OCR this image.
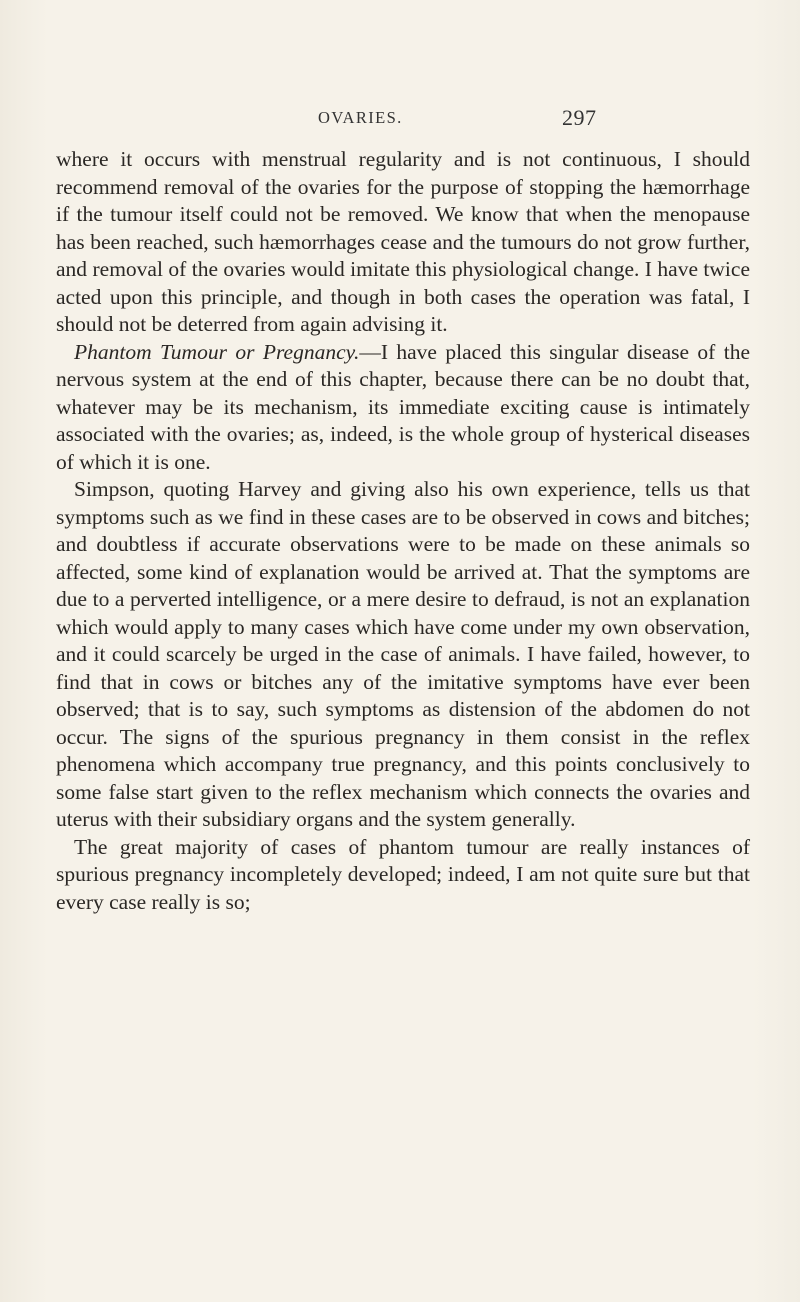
OVARIES.	297

where it occurs with menstrual regularity and is not continuous, I should recommend removal of the ovaries for the purpose of stopping the hæmorrhage if the tumour itself could not be removed. We know that when the menopause has been reached, such hæmorrhages cease and the tumours do not grow further, and removal of the ovaries would imitate this physiological change. I have twice acted upon this principle, and though in both cases the operation was fatal, I should not be deterred from again advising it.

Phantom Tumour or Pregnancy.—I have placed this singular disease of the nervous system at the end of this chapter, because there can be no doubt that, whatever may be its mechanism, its immediate exciting cause is intimately associated with the ovaries; as, indeed, is the whole group of hysterical diseases of which it is one.

Simpson, quoting Harvey and giving also his own experience, tells us that symptoms such as we find in these cases are to be observed in cows and bitches; and doubtless if accurate observations were to be made on these animals so affected, some kind of explanation would be arrived at. That the symptoms are due to a perverted intelligence, or a mere desire to defraud, is not an explanation which would apply to many cases which have come under my own observation, and it could scarcely be urged in the case of animals. I have failed, however, to find that in cows or bitches any of the imitative symptoms have ever been observed; that is to say, such symptoms as distension of the abdomen do not occur. The signs of the spurious pregnancy in them consist in the reflex phenomena which accompany true pregnancy, and this points conclusively to some false start given to the reflex mechanism which connects the ovaries and uterus with their subsidiary organs and the system generally.

The great majority of cases of phantom tumour are really instances of spurious pregnancy incompletely developed; indeed, I am not quite sure but that every case really is so;
